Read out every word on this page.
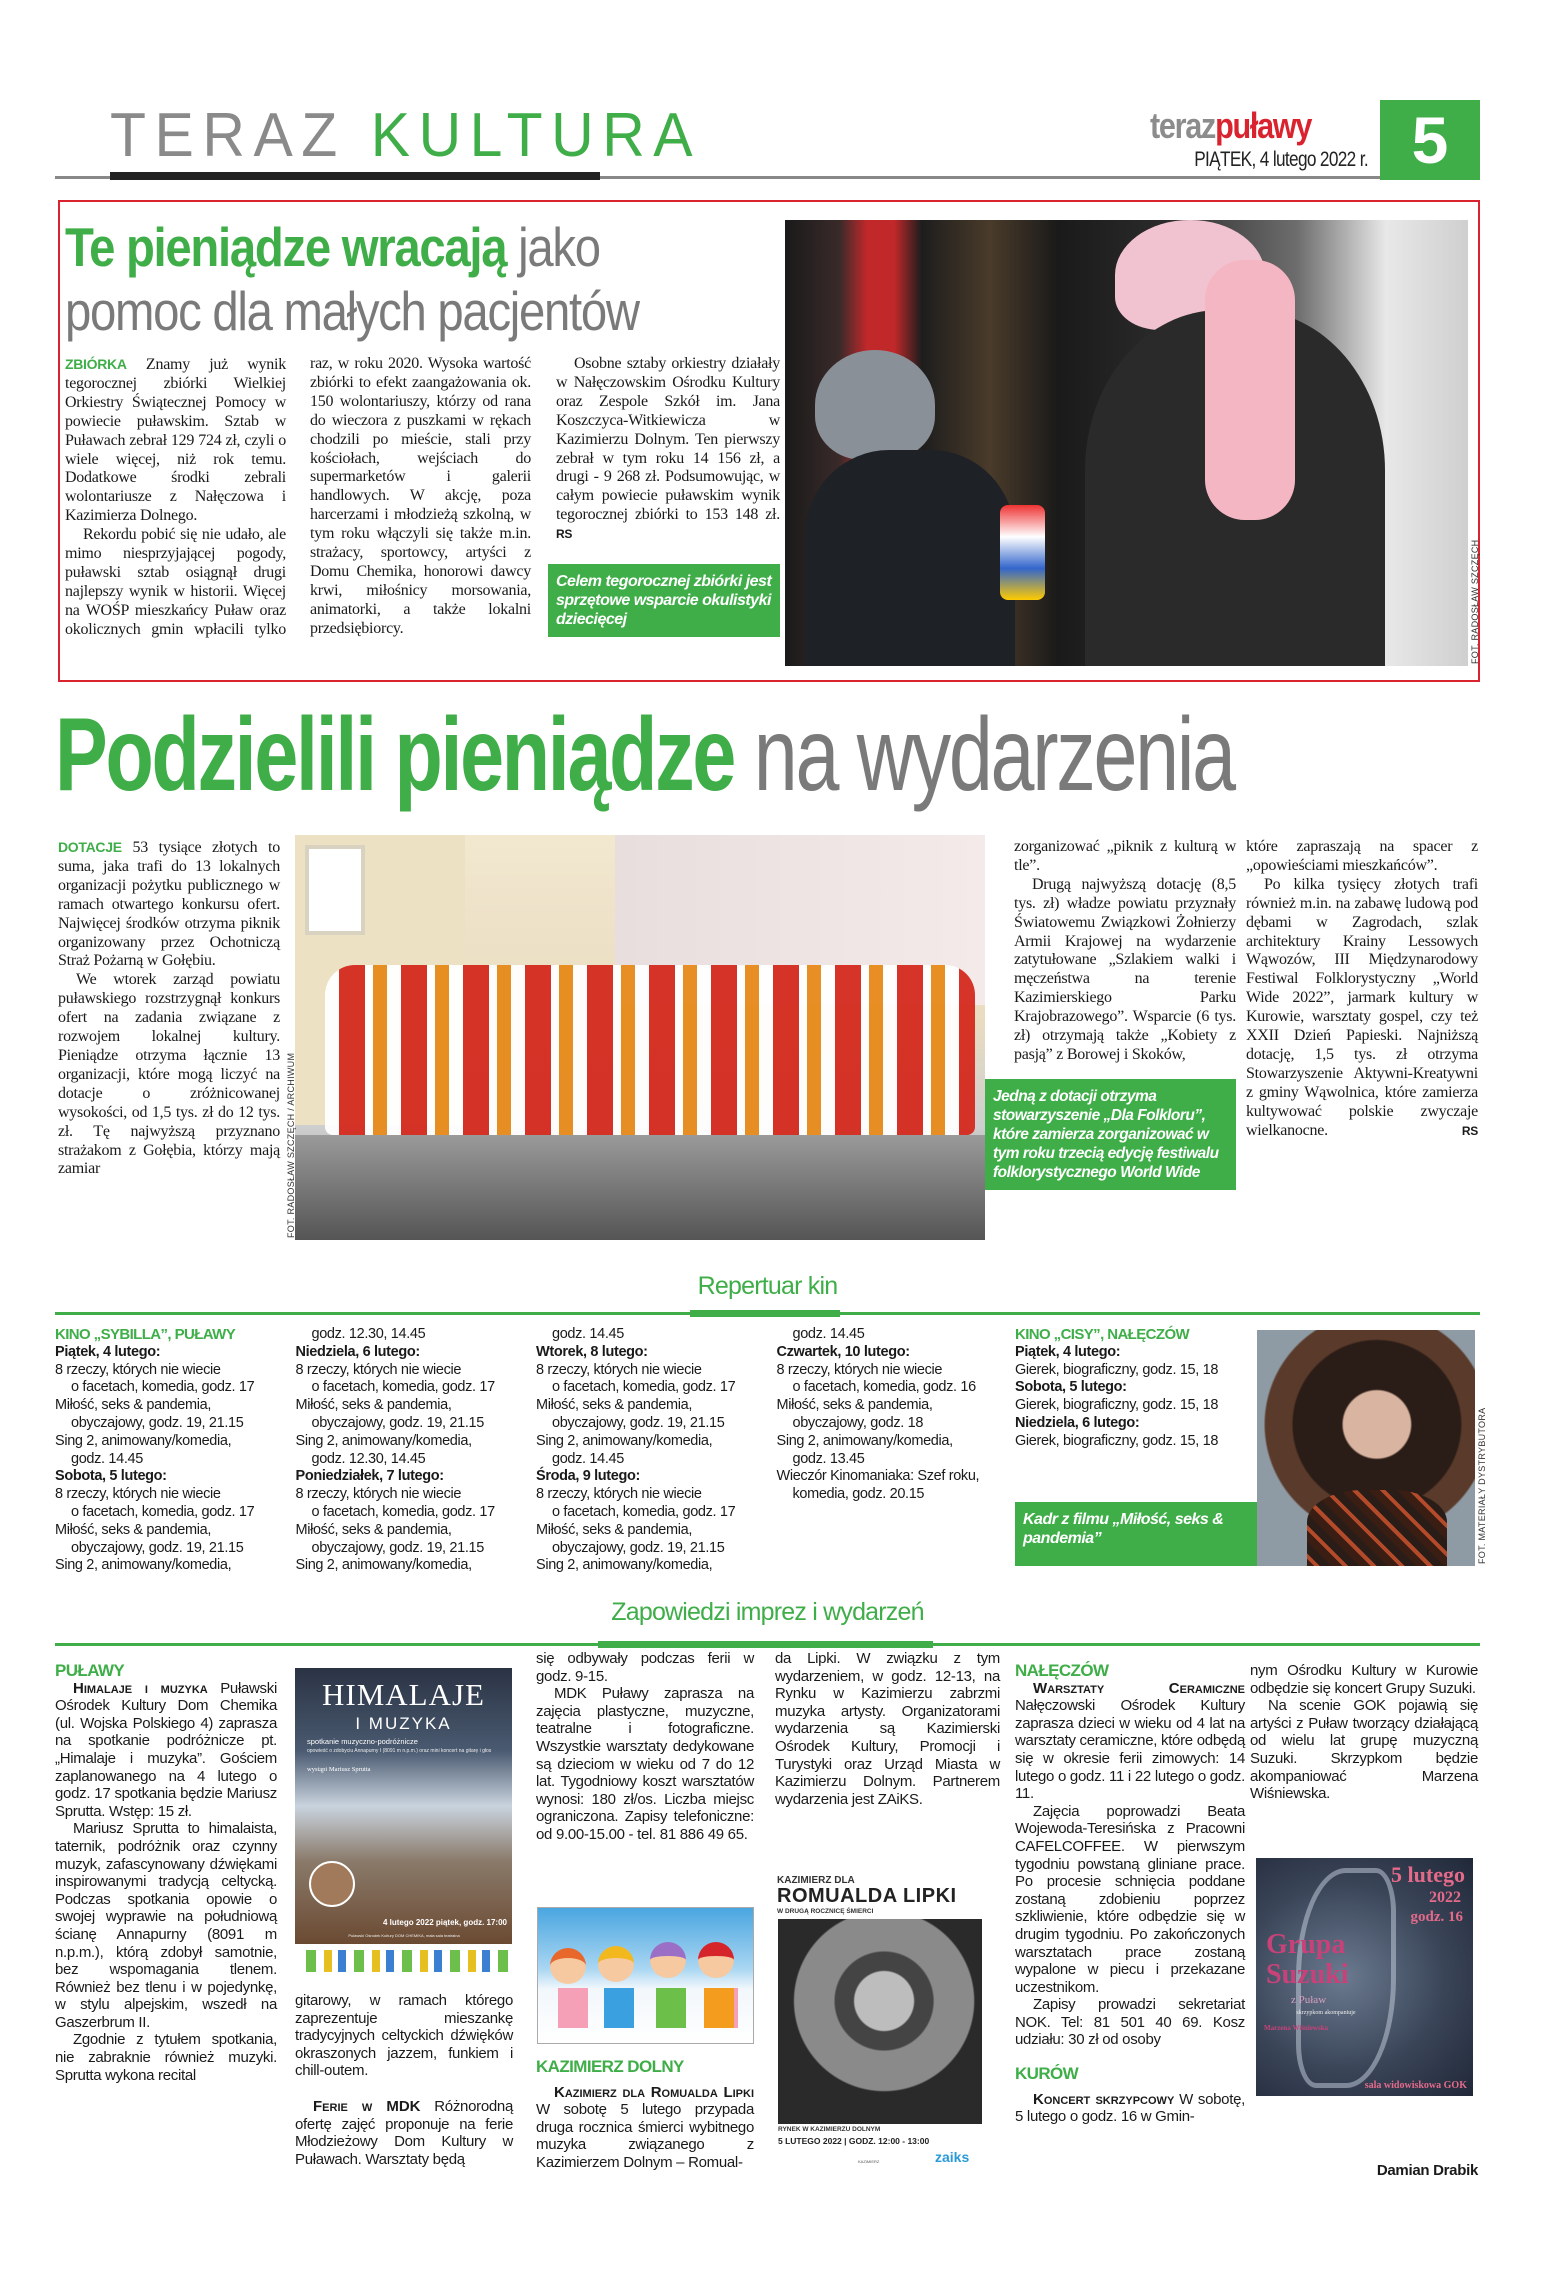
TERAZ KULTURA	terazpuławy
PIĄTEK, 4 lutego 2022 r. 5
Te pieniądze wracają jako
pomoc dla małych pacjentów

ZBIÓRKA Znamy już wynik tegorocznej zbiórki Wielkiej Orkiestry Świątecznej Pomocy w powiecie puławskim. Sztab w Puławach zebrał 129 724 zł, czyli o wiele więcej, niż rok temu. Dodatkowe środki zebrali wolontariusze z Nałęczowa i Kazimierza Dolnego.

Rekordu pobić się nie udało, ale mimo niesprzyjającej pogody, puławski sztab osiągnął drugi najlepszy wynik w historii. Więcej na WOŚP mieszkańcy Puław oraz okolicznych gmin wpłacili tylko raz, w roku 2020. Wysoka wartość zbiórki to efekt zaangażowania ok. 150 wolontariuszy, którzy od rana do wieczora z puszkami w rękach chodzili po mieście, stali przy kościołach, wejściach do supermarketów i galerii handlowych. W akcję, poza harcerzami i młodzieżą szkolną, w tym roku włączyli się także m.in. strażacy, sportowcy, artyści z Domu Chemika, honorowi dawcy krwi, miłośnicy morsowania, animatorki, a także lokalni przedsiębiorcy.

Osobne sztaby orkiestry działały w Nałęczowskim Ośrodku Kultury oraz Zespole Szkół im. Jana Koszczyca-Witkiewicza w Kazimierzu Dolnym. Ten pierwszy zebrał w tym roku 14 156 zł, a drugi - 9 268 zł. Podsumowując, w całym powiecie puławskim wynik tegorocznej zbiórki to 153 148 zł. RS

Celem tegorocznej zbiórki jest sprzętowe wsparcie okulistyki dziecięcej	FOT. RADOSŁAW SZCZĘCH
Podzielili pieniądze na wydarzenia

DOTACJE 53 tysiące złotych to suma, jaka trafi do 13 lokalnych organizacji pożytku publicznego w ramach otwartego konkursu ofert. Najwięcej środków otrzyma piknik organizowany przez Ochotniczą Straż Pożarną w Gołębiu.

We wtorek zarząd powiatu puławskiego rozstrzygnął konkurs ofert na zadania związane z rozwojem lokalnej kultury. Pieniądze otrzyma łącznie 13 organizacji, które mogą liczyć na dotacje o zróżnicowanej wysokości, od 1,5 tys. zł do 12 tys. zł. Tę najwyższą przyznano strażakom z Gołębia, którzy mają zamiar	FOT. RADOSŁAW SZCZĘCH / ARCHIWUM

zorganizować „piknik z kulturą w tle”.

Drugą najwyższą dotację (8,5 tys. zł) władze powiatu przyznały Światowemu Związkowi Żołnierzy Armii Krajowej na wydarzenie zatytułowane „Szlakiem walki i męczeństwa na terenie Kazimierskiego Parku Krajobrazowego”. Wsparcie (6 tys. zł) otrzymają także „Kobiety z pasją” z Borowej i Skoków,

Jedną z dotacji otrzyma stowarzyszenie „Dla Folkloru”, które zamierza zorganizować w tym roku trzecią edycję festiwalu folklorystycznego World Wide

które zapraszają na spacer z „opowieściami mieszkańców”.

Po kilka tysięcy złotych trafi również m.in. na zabawę ludową pod dębami w Zagrodach, szlak architektury Krainy Lessowych Wąwozów, III Międzynarodowy Festiwal Folklorystyczny „World Wide 2022”, jarmark kultury w Kurowie, warsztaty gospel, czy też XXII Dzień Papieski. Najniższą dotację, 1,5 tys. zł otrzyma Stowarzyszenie Aktywni-Kreatywni z gminy Wąwolnica, które zamierza kultywować polskie zwyczaje wielkanocne.	RS

Repertuar kin
KINO „SYBILLA”, PUŁAWY
Piątek, 4 lutego:
8 rzeczy, których nie wiecie
o facetach, komedia, godz. 17
Miłość, seks & pandemia,
obyczajowy, godz. 19, 21.15
Sing 2, animowany/komedia,
godz. 14.45
Sobota, 5 lutego:
8 rzeczy, których nie wiecie
o facetach, komedia, godz. 17
Miłość, seks & pandemia,
obyczajowy, godz. 19, 21.15
Sing 2, animowany/komedia,
godz. 12.30, 14.45
Niedziela, 6 lutego:
8 rzeczy, których nie wiecie
o facetach, komedia, godz. 17
Miłość, seks & pandemia,
obyczajowy, godz. 19, 21.15
Sing 2, animowany/komedia,
godz. 12.30, 14.45
Poniedziałek, 7 lutego:
8 rzeczy, których nie wiecie
o facetach, komedia, godz. 17
Miłość, seks & pandemia,
obyczajowy, godz. 19, 21.15
Sing 2, animowany/komedia,
godz. 14.45
Wtorek, 8 lutego:
8 rzeczy, których nie wiecie
o facetach, komedia, godz. 17
Miłość, seks & pandemia,
obyczajowy, godz. 19, 21.15
Sing 2, animowany/komedia,
godz. 14.45
Środa, 9 lutego:
8 rzeczy, których nie wiecie
o facetach, komedia, godz. 17
Miłość, seks & pandemia,
obyczajowy, godz. 19, 21.15
Sing 2, animowany/komedia,
godz. 14.45
Czwartek, 10 lutego:
8 rzeczy, których nie wiecie
o facetach, komedia, godz. 16
Miłość, seks & pandemia,
obyczajowy, godz. 18
Sing 2, animowany/komedia,
godz. 13.45
Wieczór Kinomaniaka: Szef roku,
komedia, godz. 20.15
KINO „CISY”, NAŁĘCZÓW
Piątek, 4 lutego:
Gierek, biograficzny, godz. 15, 18
Sobota, 5 lutego:
Gierek, biograficzny, godz. 15, 18
Niedziela, 6 lutego:
Gierek, biograficzny, godz. 15, 18
Kadr z filmu „Miłość, seks & pandemia”	FOT. MATERIAŁY DYSTRYBUTORA
Zapowiedzi imprez i wydarzeń
PUŁAWY

Himalaje i muzyka Puławski Ośrodek Kultury Dom Chemika (ul. Wojska Polskiego 4) zaprasza na spotkanie podróżnicze pt. „Himalaje i muzyka”. Gościem zaplanowanego na 4 lutego o godz. 17 spotkania będzie Mariusz Sprutta. Wstęp: 15 zł.

Mariusz Sprutta to himalaista, taternik, podróżnik oraz czynny muzyk, zafascynowany dźwiękami inspirowanymi tradycją celtycką. Podczas spotkania opowie o swojej wyprawie na południową ścianę Annapurny (8091 m n.p.m.), którą zdobył samotnie, bez wspomagania tlenem. Również bez tlenu i w pojedynkę, w stylu alpejskim, wszedł na Gaszerbrum II.

Zgodnie z tytułem spotkania, nie zabraknie również muzyki. Sprutta wykona recital

HIMALAJE
I MUZYKA
spotkanie muzyczno-podróżnicze
opowieść o zdobyciu Annapurny I (8091 m n.p.m.) oraz mini koncert na gitarę i głos
wystąpi Mariusz Sprutta
4 lutego 2022 piątek, godz. 17:00
Puławski Ośrodek Kultury DOM CHEMIKA, mała sala teatralna

gitarowy, w ramach którego zaprezentuje mieszankę tradycyjnych celtyckich dźwięków okraszonych jazzem, funkiem i chill-outem.

Ferie w MDK Różnorodną ofertę zajęć proponuje na ferie Młodzieżowy Dom Kultury w Puławach. Warsztaty będą

się odbywały podczas ferii w godz. 9-15.

MDK Puławy zaprasza na zajęcia plastyczne, muzyczne, teatralne i fotograficzne. Wszystkie warsztaty dedykowane są dzieciom w wieku od 7 do 12 lat. Tygodniowy koszt warsztatów wynosi: 180 zł/os. Liczba miejsc ograniczona. Zapisy telefoniczne: od 9.00-15.00 - tel. 81 886 49 65.

KAZIMIERZ DOLNY

Kazimierz dla Romualda Lipki W sobotę 5 lutego przypada druga rocznica śmierci wybitnego muzyka związanego z Kazimierzem Dolnym – Romual-

da Lipki. W związku z tym wydarzeniem, w godz. 12-13, na Rynku w Kazimierzu zabrzmi muzyka artysty. Organizatorami wydarzenia są Kazimierski Ośrodek Kultury, Promocji i Turystyki oraz Urząd Miasta w Kazimierzu Dolnym. Partnerem wydarzenia jest ZAiKS.

KAZIMIERZ DLA
ROMUALDA LIPKI
W DRUGĄ ROCZNICĘ ŚMIERCI
RYNEK W KAZIMIERZU DOLNYM
5 LUTEGO 2022 | GODZ. 12:00 - 13:00
KAZIMIERZ	zaiks
NAŁĘCZÓW

Warsztaty Ceramiczne Nałęczowski Ośrodek Kultury zaprasza dzieci w wieku od 4 lat na warsztaty ceramiczne, które odbędą się w okresie ferii zimowych: 14 lutego o godz. 11 i 22 lutego o godz. 11.

Zajęcia poprowadzi Beata Wojewoda-Teresińska z Pracowni CAFELCOFFEE. W pierwszym tygodniu powstaną gliniane prace. Po procesie schnięcia poddane zostaną zdobieniu poprzez szkliwienie, które odbędzie się w drugim tygodniu. Po zakończonych warsztatach prace zostaną wypalone w piecu i przekazane uczestnikom.

Zapisy prowadzi sekretariat NOK. Tel: 81 501 40 69. Kosz udziału: 30 zł od osoby

KURÓW

Koncert skrzypcowy W sobotę, 5 lutego o godz. 16 w Gmin-

nym Ośrodku Kultury w Kurowie odbędzie się koncert Grupy Suzuki.

Na scenie GOK pojawią się artyści z Puław tworzący działającą od wielu lat grupę muzyczną Suzuki. Skrzypkom będzie akompaniować Marzena Wiśniewska.

5 lutego
2022
godz. 16
Grupa
Suzuki
z Puław
skrzypkom akompaniuje
Marzena Wiśniewska
sala widowiskowa GOK
Damian Drabik
